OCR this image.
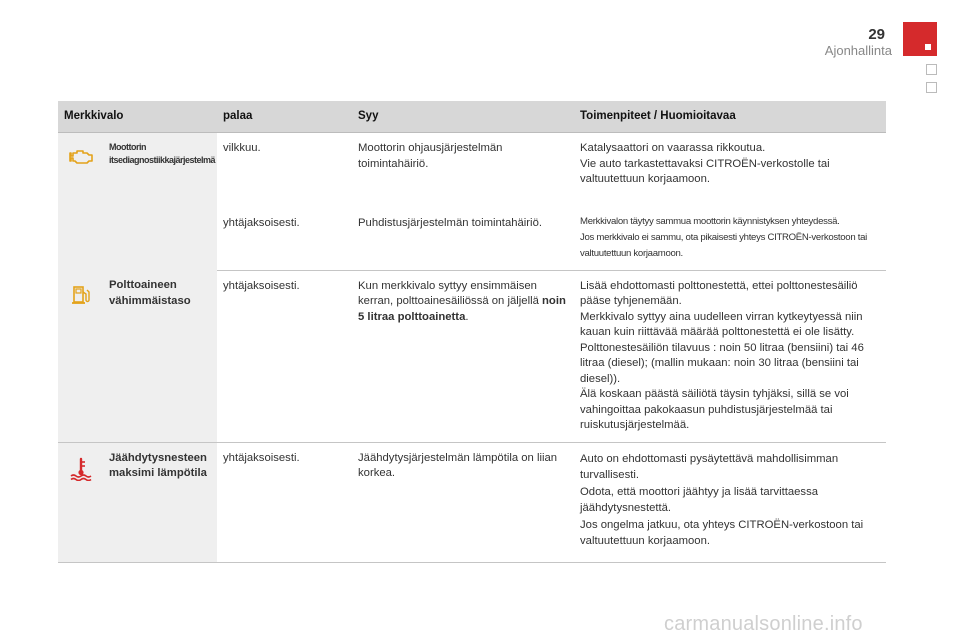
29
Ajonhallinta
Merkkivalo		palaa	Syy	Toimenpiteet / Huomioitavaa

	Moottorin itsediagnostiikkajärjestelmä	vilkkuu.	Moottorin ohjausjärjestelmän toimintahäiriö.	Katalysaattori on vaarassa rikkoutua.
Vie auto tarkastettavaksi CITROËN-verkostolle tai valtuutettuun korjaamoon.
		yhtäjaksoisesti.	Puhdistusjärjestelmän toimintahäiriö.	Merkkivalon täytyy sammua moottorin käynnistyksen yhteydessä.
Jos merkkivalo ei sammu, ota pikaisesti yhteys CITROËN-verkostoon tai valtuutettuun korjaamoon.

	Polttoaineen vähimmäistaso	yhtäjaksoisesti.	Kun merkkivalo syttyy ensimmäisen kerran, polttoainesäiliössä on jäljellä noin 5 litraa polttoainetta.	Lisää ehdottomasti polttonestettä, ettei polttonestesäiliö pääse tyhjenemään.
Merkkivalo syttyy aina uudelleen virran kytkeytyessä niin kauan kuin riittävää määrää polttonestettä ei ole lisätty.
Polttonestesäiliön tilavuus : noin 50 litraa (bensiini) tai 46 litraa (diesel); (mallin mukaan: noin 30 litraa (bensiini tai diesel)).
Älä koskaan päästä säiliötä täysin tyhjäksi, sillä se voi vahingoittaa pakokaasun puhdistusjärjestelmää tai ruiskutusjärjestelmää.

	Jäähdytysnesteen maksimi lämpötila	yhtäjaksoisesti.	Jäähdytysjärjestelmän lämpötila on liian korkea.	Auto on ehdottomasti pysäytettävä mahdollisimman turvallisesti.
Odota, että moottori jäähtyy ja lisää tarvittaessa jäähdytysnestettä.
Jos ongelma jatkuu, ota yhteys CITROËN-verkostoon tai valtuutettuun korjaamoon.
carmanualsonline.info
